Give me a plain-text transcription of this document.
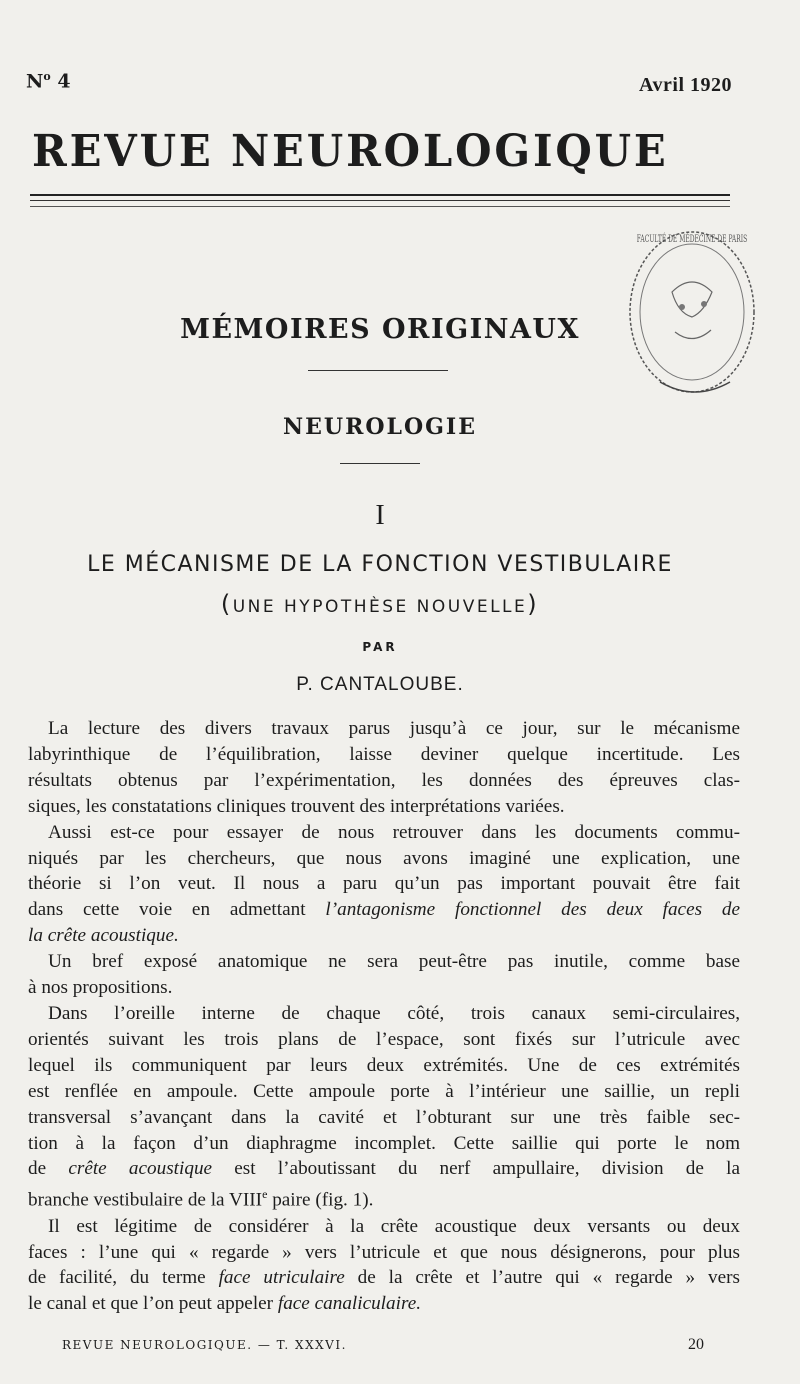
$N^o$ 4	Avril 1920
REVUE NEUROLOGIQUE
FACULTÉ DE MÉDECINE DE PARIS
MÉMOIRES ORIGINAUX
NEUROLOGIE
I
LE MÉCANISME DE LA FONCTION VESTIBULAIRE
(UNE HYPOTHÈSE NOUVELLE)
PAR
P. CANTALOUBE.

La lecture des divers travaux parus jusqu’à ce jour, sur le mécanisme
labyrinthique de l’équilibration, laisse deviner quelque incertitude. Les
résultats obtenus par l’expérimentation, les données des épreuves clas-
siques, les constatations cliniques trouvent des interprétations variées.

Aussi est-ce pour essayer de nous retrouver dans les documents commu-
niqués par les chercheurs, que nous avons imaginé une explication, une
théorie si l’on veut. Il nous a paru qu’un pas important pouvait être fait
dans cette voie en admettant l’antagonisme fonctionnel des deux faces de
la crête acoustique.

Un bref exposé anatomique ne sera peut-être pas inutile, comme base
à nos propositions.

Dans l’oreille interne de chaque côté, trois canaux semi-circulaires,
orientés suivant les trois plans de l’espace, sont fixés sur l’utricule avec
lequel ils communiquent par leurs deux extrémités. Une de ces extrémités
est renflée en ampoule. Cette ampoule porte à l’intérieur une saillie, un repli
transversal s’avançant dans la cavité et l’obturant sur une très faible sec-
tion à la façon d’un diaphragme incomplet. Cette saillie qui porte le nom
de crête acoustique est l’aboutissant du nerf ampullaire, division de la
branche vestibulaire de la VIIIe paire (fig. 1).

Il est légitime de considérer à la crête acoustique deux versants ou deux
faces : l’une qui « regarde » vers l’utricule et que nous désignerons, pour plus
de facilité, du terme face utriculaire de la crête et l’autre qui « regarde » vers
le canal et que l’on peut appeler face canaliculaire.

REVUE NEUROLOGIQUE. — T. XXXVI.	20
